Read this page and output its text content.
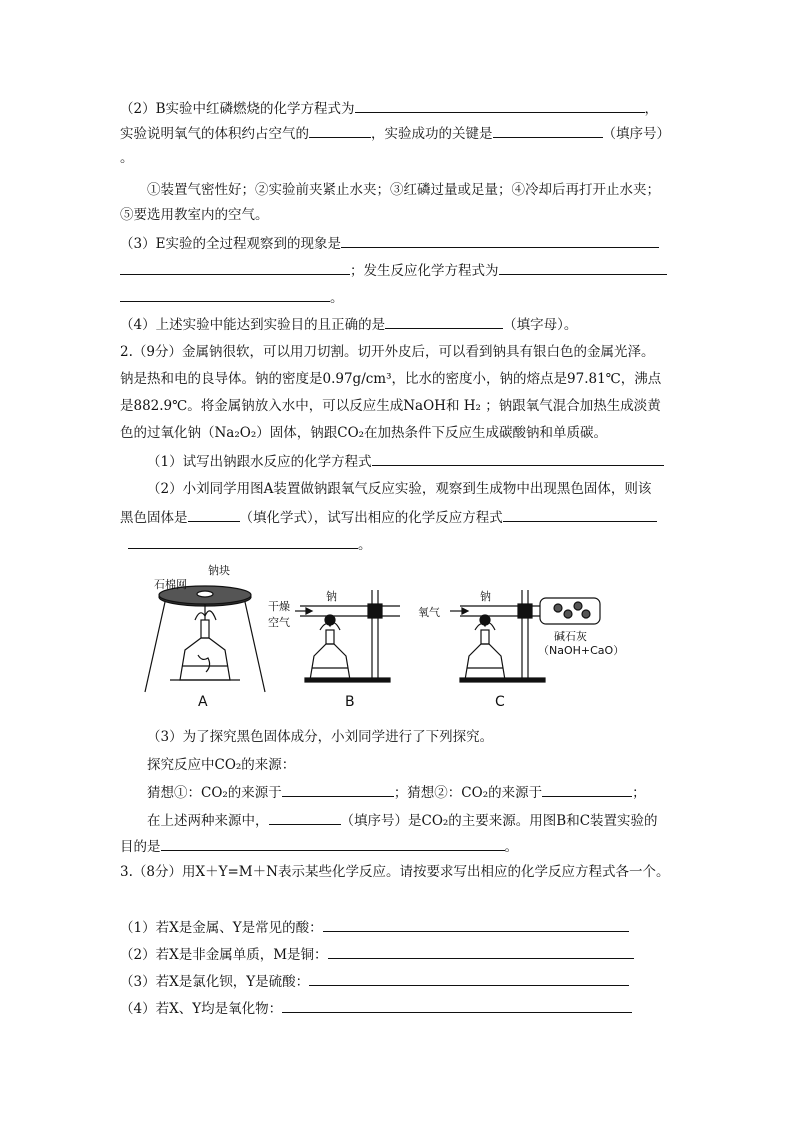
（2）B实验中红磷燃烧的化学方程式为	，
实验说明氧气的体积约占空气的	，实验成功的关键是	（填序号）
。
①装置气密性好；②实验前夹紧止水夹；③红磷过量或足量；④冷却后再打开止水夹；
⑤要选用教室内的空气。
（3）E实验的全过程观察到的现象是
；发生反应化学方程式为
。
（4）上述实验中能达到实验目的且正确的是	（填字母）。
2.（9分）金属钠很软，可以用刀切割。切开外皮后，可以看到钠具有银白色的金属光泽。
钠是热和电的良导体。钠的密度是0.97g/cm³，比水的密度小，钠的熔点是97.81℃，沸点
是882.9℃。将金属钠放入水中，可以反应生成NaOH和 H₂ ；钠跟氧气混合加热生成淡黄
色的过氧化钠（Na₂O₂）固体，钠跟CO₂在加热条件下反应生成碳酸钠和单质碳。
（1）试写出钠跟水反应的化学方程式
（2）小刘同学用图A装置做钠跟氧气反应实验，观察到生成物中出现黑色固体，则该
黑色固体是	（填化学式），试写出相应的化学反应方程式
。
石棉网
钠块
钠
干燥
空气
钠
氧气
碱石灰
（NaOH+CaO）
A	B	C
（3）为了探究黑色固体成分，小刘同学进行了下列探究。
探究反应中CO₂的来源：
猜想①：CO₂的来源于	；猜想②：CO₂的来源于	；
在上述两种来源中，	（填序号）是CO₂的主要来源。用图B和C装置实验的
目的是	。
3.（8分）用X＋Y=M＋N表示某些化学反应。请按要求写出相应的化学反应方程式各一个。
（1）若X是金属、Y是常见的酸：
（2）若X是非金属单质，M是铜：
（3）若X是氯化钡，Y是硫酸：
（4）若X、Y均是氧化物：
